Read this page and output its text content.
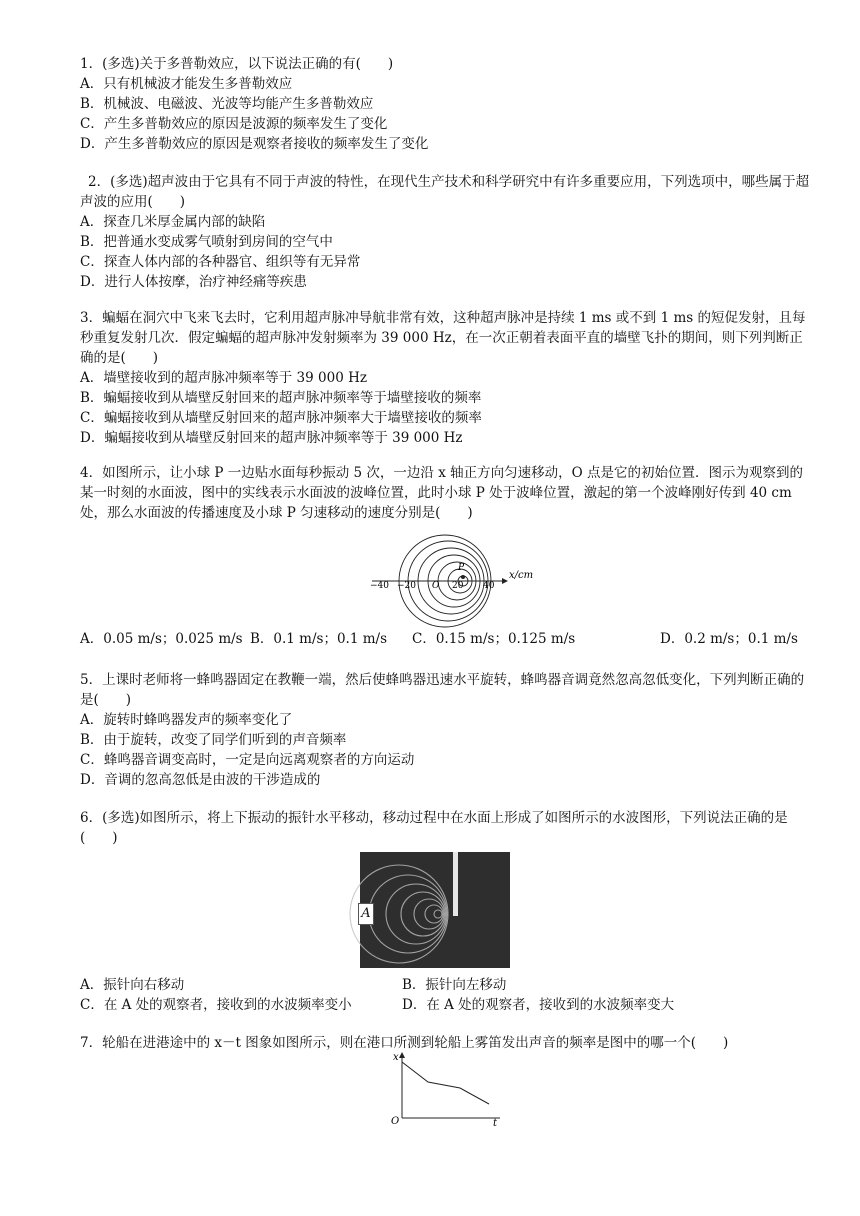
1．(多选)关于多普勒效应，以下说法正确的有(　　)

A．只有机械波才能发生多普勒效应

B．机械波、电磁波、光波等均能产生多普勒效应

C．产生多普勒效应的原因是波源的频率发生了变化

D．产生多普勒效应的原因是观察者接收的频率发生了变化

2．(多选)超声波由于它具有不同于声波的特性，在现代生产技术和科学研究中有许多重要应用，下列选项中，哪些属于超声波的应用(　　)

A．探查几米厚金属内部的缺陷

B．把普通水变成雾气喷射到房间的空气中

C．探查人体内部的各种器官、组织等有无异常

D．进行人体按摩，治疗神经痛等疾患

3．蝙蝠在洞穴中飞来飞去时，它利用超声脉冲导航非常有效，这种超声脉冲是持续 1 ms 或不到 1 ms 的短促发射，且每秒重复发射几次．假定蝙蝠的超声脉冲发射频率为 39 000 Hz，在一次正朝着表面平直的墙壁飞扑的期间，则下列判断正确的是(　　)

A．墙壁接收到的超声脉冲频率等于 39 000 Hz

B．蝙蝠接收到从墙壁反射回来的超声脉冲频率等于墙壁接收的频率

C．蝙蝠接收到从墙壁反射回来的超声脉冲频率大于墙壁接收的频率

D．蝙蝠接收到从墙壁反射回来的超声脉冲频率等于 39 000 Hz

4．如图所示，让小球 P 一边贴水面每秒振动 5 次，一边沿 x 轴正方向匀速移动，O 点是它的初始位置．图示为观察到的某一时刻的水面波，图中的实线表示水面波的波峰位置，此时小球 P 处于波峰位置，激起的第一个波峰刚好传到 40 cm 处，那么水面波的传播速度及小球 P 匀速移动的速度分别是(　　)

x/cm
−40 −20 O 20 40
P
A．0.05 m/s；0.025 m/s B．0.1 m/s；0.1 m/s	C．0.15 m/s；0.125 m/s	D．0.2 m/s；0.1 m/s

5．上课时老师将一蜂鸣器固定在教鞭一端，然后使蜂鸣器迅速水平旋转，蜂鸣器音调竟然忽高忽低变化，下列判断正确的是(　　)

A．旋转时蜂鸣器发声的频率变化了

B．由于旋转，改变了同学们听到的声音频率

C．蜂鸣器音调变高时，一定是向远离观察者的方向运动

D．音调的忽高忽低是由波的干涉造成的

6．(多选)如图所示，将上下振动的振针水平移动，移动过程中在水面上形成了如图所示的水波图形，下列说法正确的是(　　)

A
A．振针向右移动	B．振针向左移动
C．在 A 处的观察者，接收到的水波频率变小	D．在 A 处的观察者，接收到的水波频率变大

7．轮船在进港途中的 x－t 图象如图所示，则在港口所测到轮船上雾笛发出声音的频率是图中的哪一个(　　)

x
t
O
